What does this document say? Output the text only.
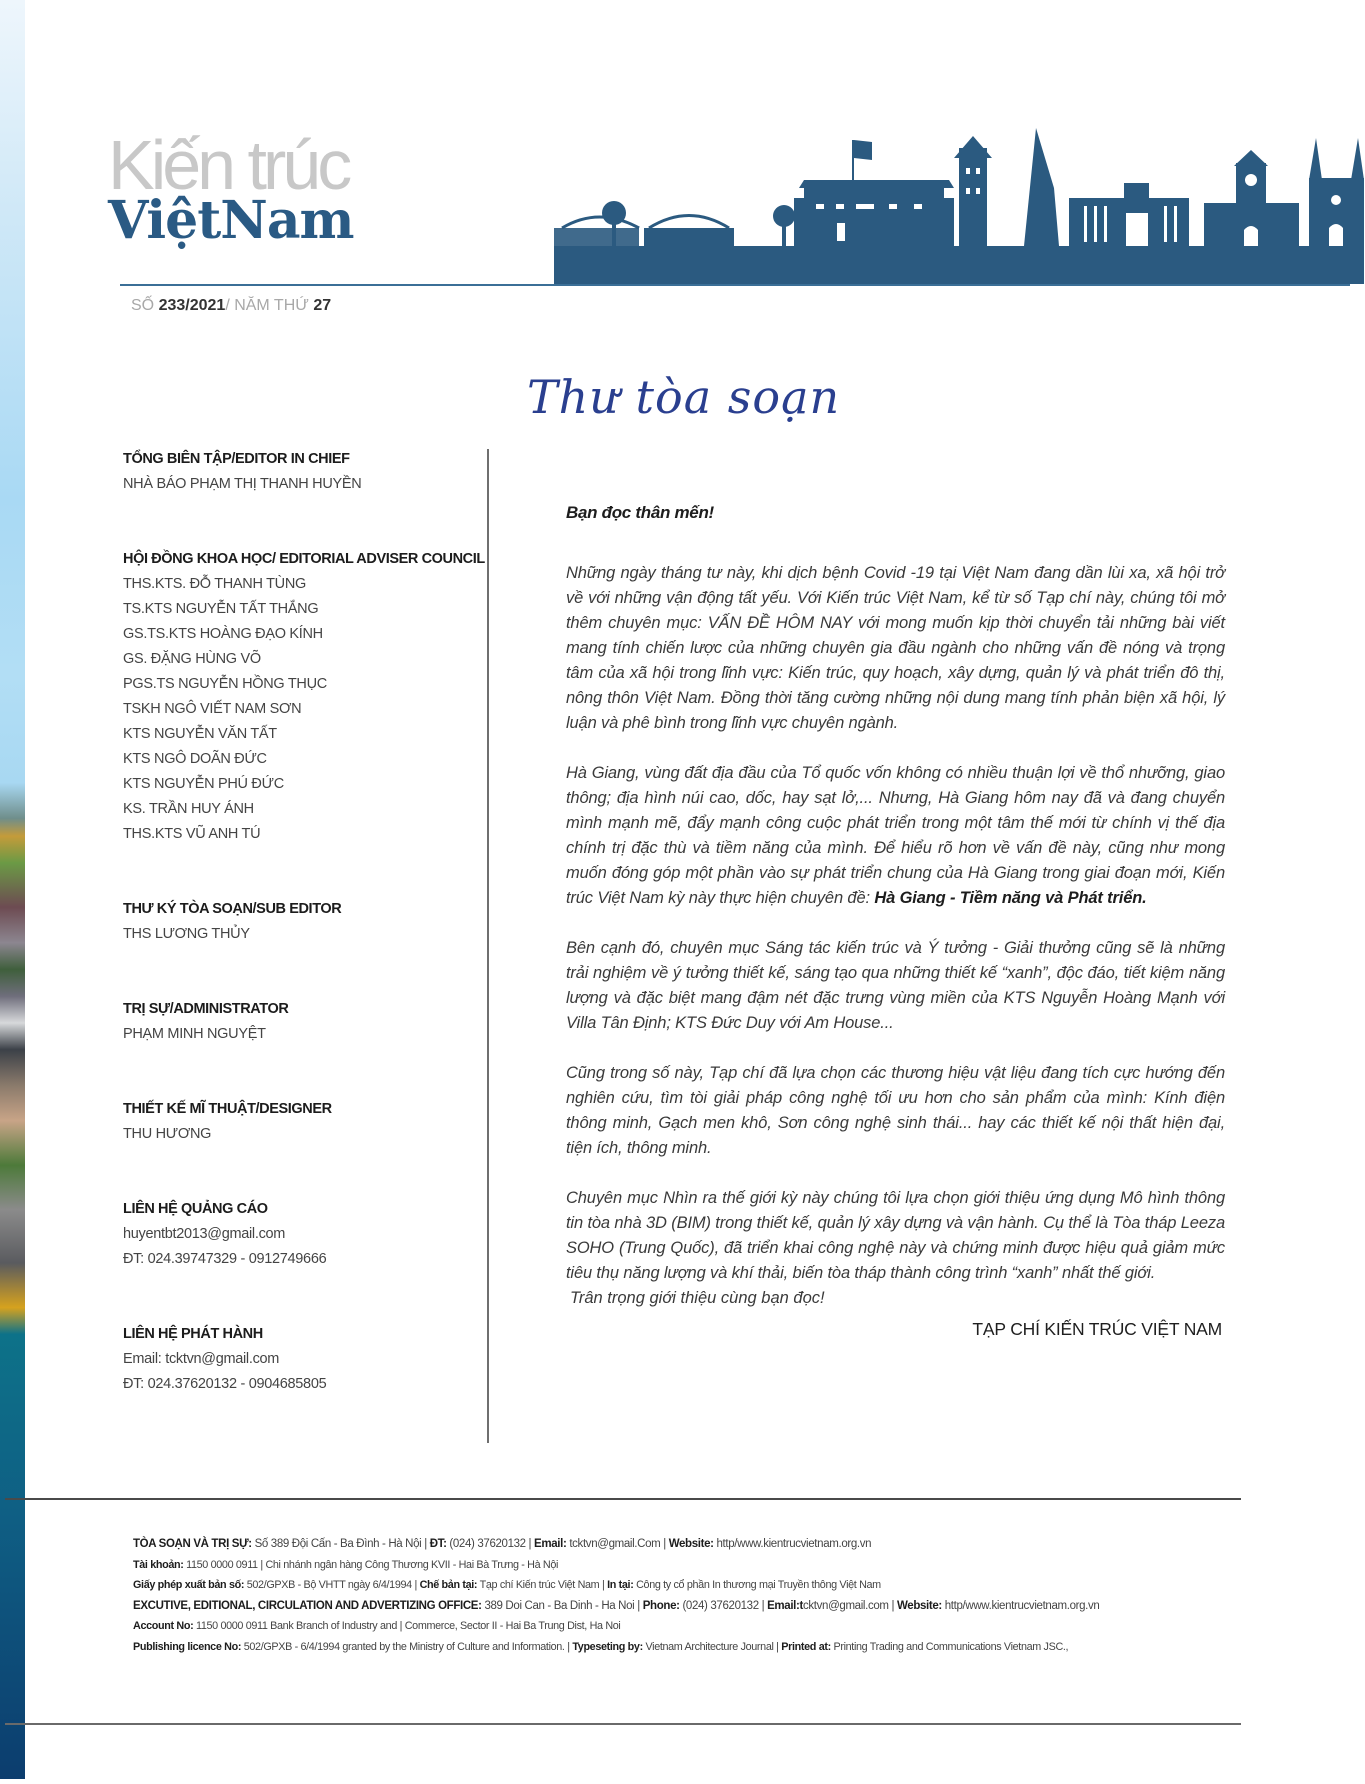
Kiến trúc
ViệtNam
SỐ 233/2021/ NĂM THỨ 27
Thư tòa soạn
TỔNG BIÊN TẬP/EDITOR IN CHIEF
NHÀ BÁO PHẠM THỊ THANH HUYỀN
HỘI ĐỒNG KHOA HỌC/ EDITORIAL ADVISER COUNCIL
THS.KTS. ĐỖ THANH TÙNG
TS.KTS NGUYỄN TẤT THẮNG
GS.TS.KTS HOÀNG ĐẠO KÍNH
GS. ĐẶNG HÙNG VÕ
PGS.TS NGUYỄN HỒNG THỤC
TSKH NGÔ VIẾT NAM SƠN
KTS NGUYỄN VĂN TẤT
KTS NGÔ DOÃN ĐỨC
KTS NGUYỄN PHÚ ĐỨC
KS. TRẦN HUY ÁNH
THS.KTS VŨ ANH TÚ
THƯ KÝ TÒA SOẠN/SUB EDITOR
THS LƯƠNG THỦY
TRỊ SỰ/ADMINISTRATOR
PHẠM MINH NGUYỆT
THIẾT KẾ MĨ THUẬT/DESIGNER
THU HƯƠNG
LIÊN HỆ QUẢNG CÁO
huyentbt2013@gmail.com
ĐT: 024.39747329 - 0912749666
LIÊN HỆ PHÁT HÀNH
Email: tcktvn@gmail.com
ĐT: 024.37620132 - 0904685805
Bạn đọc thân mến!

Những ngày tháng tư này, khi dịch bệnh Covid -19 tại Việt Nam đang dần lùi xa, xã hội trở về với những vận động tất yếu. Với Kiến trúc Việt Nam, kể từ số Tạp chí này, chúng tôi mở thêm chuyên mục: VẤN ĐỀ HÔM NAY với mong muốn kịp thời chuyển tải những bài viết mang tính chiến lược của những chuyên gia đầu ngành cho những vấn đề nóng và trọng tâm của xã hội trong lĩnh vực: Kiến trúc, quy hoạch, xây dựng, quản lý và phát triển đô thị, nông thôn Việt Nam. Đồng thời tăng cường những nội dung mang tính phản biện xã hội, lý luận và phê bình trong lĩnh vực chuyên ngành.

Hà Giang, vùng đất địa đầu của Tổ quốc vốn không có nhiều thuận lợi về thổ nhưỡng, giao thông; địa hình núi cao, dốc, hay sạt lở,... Nhưng, Hà Giang hôm nay đã và đang chuyển mình mạnh mẽ, đẩy mạnh công cuộc phát triển trong một tâm thế mới từ chính vị thế địa chính trị đặc thù và tiềm năng của mình. Để hiểu rõ hơn về vấn đề này, cũng như mong muốn đóng góp một phần vào sự phát triển chung của Hà Giang trong giai đoạn mới, Kiến trúc Việt Nam kỳ này thực hiện chuyên đề: Hà Giang - Tiềm năng và Phát triển.

Bên cạnh đó, chuyên mục Sáng tác kiến trúc và Ý tưởng - Giải thưởng cũng sẽ là những trải nghiệm về ý tưởng thiết kế, sáng tạo qua những thiết kế “xanh”, độc đáo, tiết kiệm năng lượng và đặc biệt mang đậm nét đặc trưng vùng miền của KTS Nguyễn Hoàng Mạnh với Villa Tân Định; KTS Đức Duy với Am House...

Cũng trong số này, Tạp chí đã lựa chọn các thương hiệu vật liệu đang tích cực hướng đến nghiên cứu, tìm tòi giải pháp công nghệ tối ưu hơn cho sản phẩm của mình: Kính điện thông minh, Gạch men khô, Sơn công nghệ sinh thái... hay các thiết kế nội thất hiện đại, tiện ích, thông minh.

Chuyên mục Nhìn ra thế giới kỳ này chúng tôi lựa chọn giới thiệu ứng dụng Mô hình thông tin tòa nhà 3D (BIM) trong thiết kế, quản lý xây dựng và vận hành. Cụ thể là Tòa tháp Leeza SOHO (Trung Quốc), đã triển khai công nghệ này và chứng minh được hiệu quả giảm mức tiêu thụ năng lượng và khí thải, biến tòa tháp thành công trình “xanh” nhất thế giới.

Trân trọng giới thiệu cùng bạn đọc!
TẠP CHÍ KIẾN TRÚC VIỆT NAM
TÒA SOẠN VÀ TRỊ SỰ: Số 389 Đội Cấn - Ba Đình - Hà Nội | ĐT: (024) 37620132 | Email: tcktvn@gmail.Com | Website: http/www.kientrucvietnam.org.vn
Tài khoản: 1150 0000 0911 | Chi nhánh ngân hàng Công Thương KVII - Hai Bà Trưng - Hà Nội
Giấy phép xuất bản số: 502/GPXB - Bộ VHTT ngày 6/4/1994 | Chế bản tại: Tạp chí Kiến trúc Việt Nam | In tại: Công ty cổ phần In thương mại Truyền thông Việt Nam
EXCUTIVE, EDITIONAL, CIRCULATION AND ADVERTIZING OFFICE: 389 Doi Can - Ba Dinh - Ha Noi | Phone: (024) 37620132 | Email:tcktvn@gmail.com | Website: http/www.kientrucvietnam.org.vn
Account No: 1150 0000 0911 Bank Branch of Industry and | Commerce, Sector II - Hai Ba Trung Dist, Ha Noi
Publishing licence No: 502/GPXB - 6/4/1994 granted by the Ministry of Culture and Information. | Typeseting by: Vietnam Architecture Journal | Printed at: Printing Trading and Communications Vietnam JSC.,
